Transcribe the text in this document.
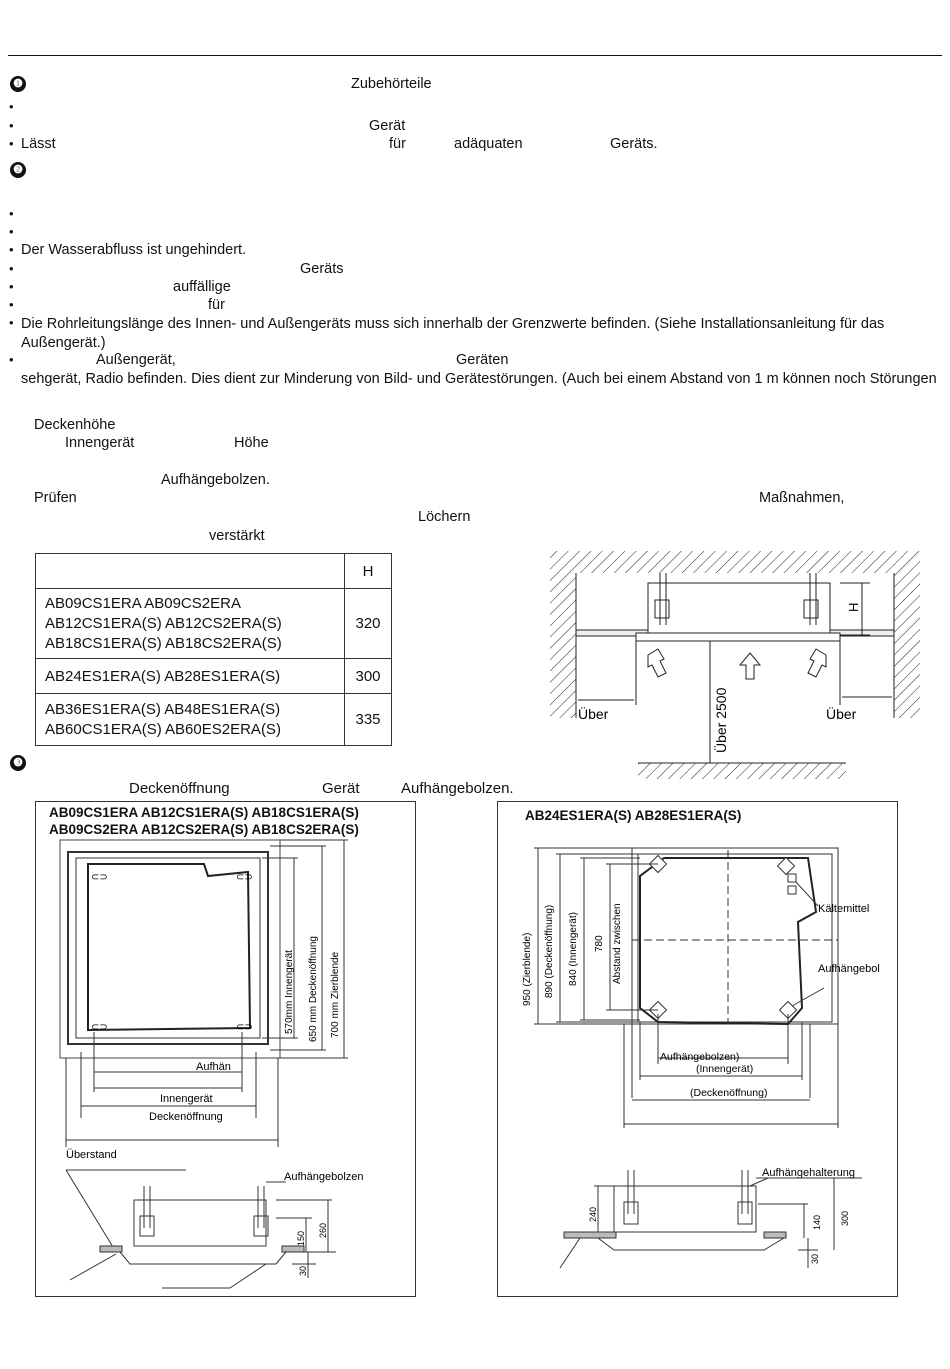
❶	Zubehörteile
•
•	Gerät
• Lässt	für	adäquaten	Geräts.
❷
•
•
• Der Wasserabfluss ist ungehindert.
•	Geräts
•	auffällige
•	für
• Die Rohrleitungslänge des Innen- und Außengeräts muss sich innerhalb der Grenzwerte befinden. (Siehe Installationsanleitung für das Außengerät.)
•	Außengerät,	Geräten
sehgerät, Radio befinden. Dies dient zur Minderung von Bild- und Gerätestörungen. (Auch bei einem Abstand von 1 m können noch Störungen
Deckenhöhe
Innengerät	Höhe
Aufhängebolzen.
Prüfen	Maßnahmen,
Löchern
verstärkt
	H

AB09CS1ERA AB09CS2ERA
AB12CS1ERA(S) AB12CS2ERA(S)
AB18CS1ERA(S) AB18CS2ERA(S)	320

AB24ES1ERA(S) AB28ES1ERA(S)	300

AB36ES1ERA(S) AB48ES1ERA(S)
AB60CS1ERA(S) AB60ES2ERA(S)	335
H
Über	Über
Über 2500
❸
Deckenöffnung	Gerät	Aufhängebolzen.
AB09CS1ERA AB12CS1ERA(S) AB18CS1ERA(S)
AB09CS2ERA AB12CS2ERA(S) AB18CS2ERA(S)
⊂⊃	⊂⊃
⊂⊃	⊂⊃	570mm Innengerät 650 mm Deckenöffnung 700 mm Zierblende
Aufhän
Innengerät
Deckenöffnung
Überstand
Aufhängebolzen
150
260
30
AB24ES1ERA(S) AB28ES1ERA(S)
950 (Zierblende) 890 (Deckenöffnung) 840 (Innengerät) 780 Abstand zwischen	Kältemittel
Aufhängebol
Aufhängebolzen)
(Innengerät)
(Deckenöffnung)
Aufhängehalterung
240
140 300
30
